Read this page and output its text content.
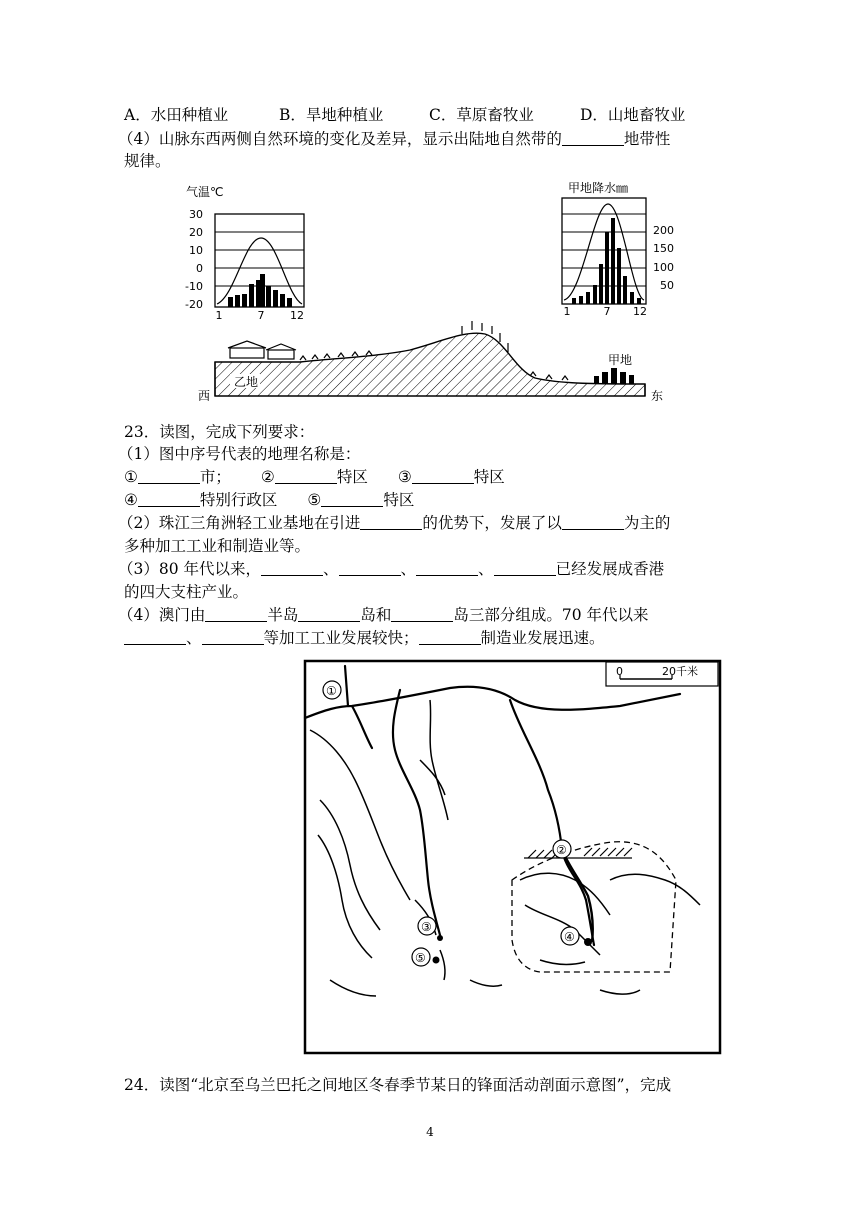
A．水田种植业	B．旱地种植业	C．草原畜牧业	D．山地畜牧业
（4）山脉东西两侧自然环境的变化及差异，显示出陆地自然带的	地带性
规律。
气温℃
30
20
10
0
-10
-20
1	7 12
甲地降水㎜
200
150
100
50
1	7 12
乙地
甲地
西	东
23．读图，完成下列要求：
（1）图中序号代表的地理名称是：
①	市； ②	特区 ③	特区
④	特别行政区 ⑤	特区
（2）珠江三角洲轻工业基地在引进	的优势下，发展了以	为主的
多种加工工业和制造业等。
（3）80 年代以来，	、	、	、	已经发展成香港
的四大支柱产业。
（4）澳门由	半岛	岛和	岛三部分组成。70 年代以来
、	等加工工业发展较快；	制造业发展迅速。
0	20千米
①
②
③
④
⑤
24．读图“北京至乌兰巴托之间地区冬春季节某日的锋面活动剖面示意图”，完成
4
